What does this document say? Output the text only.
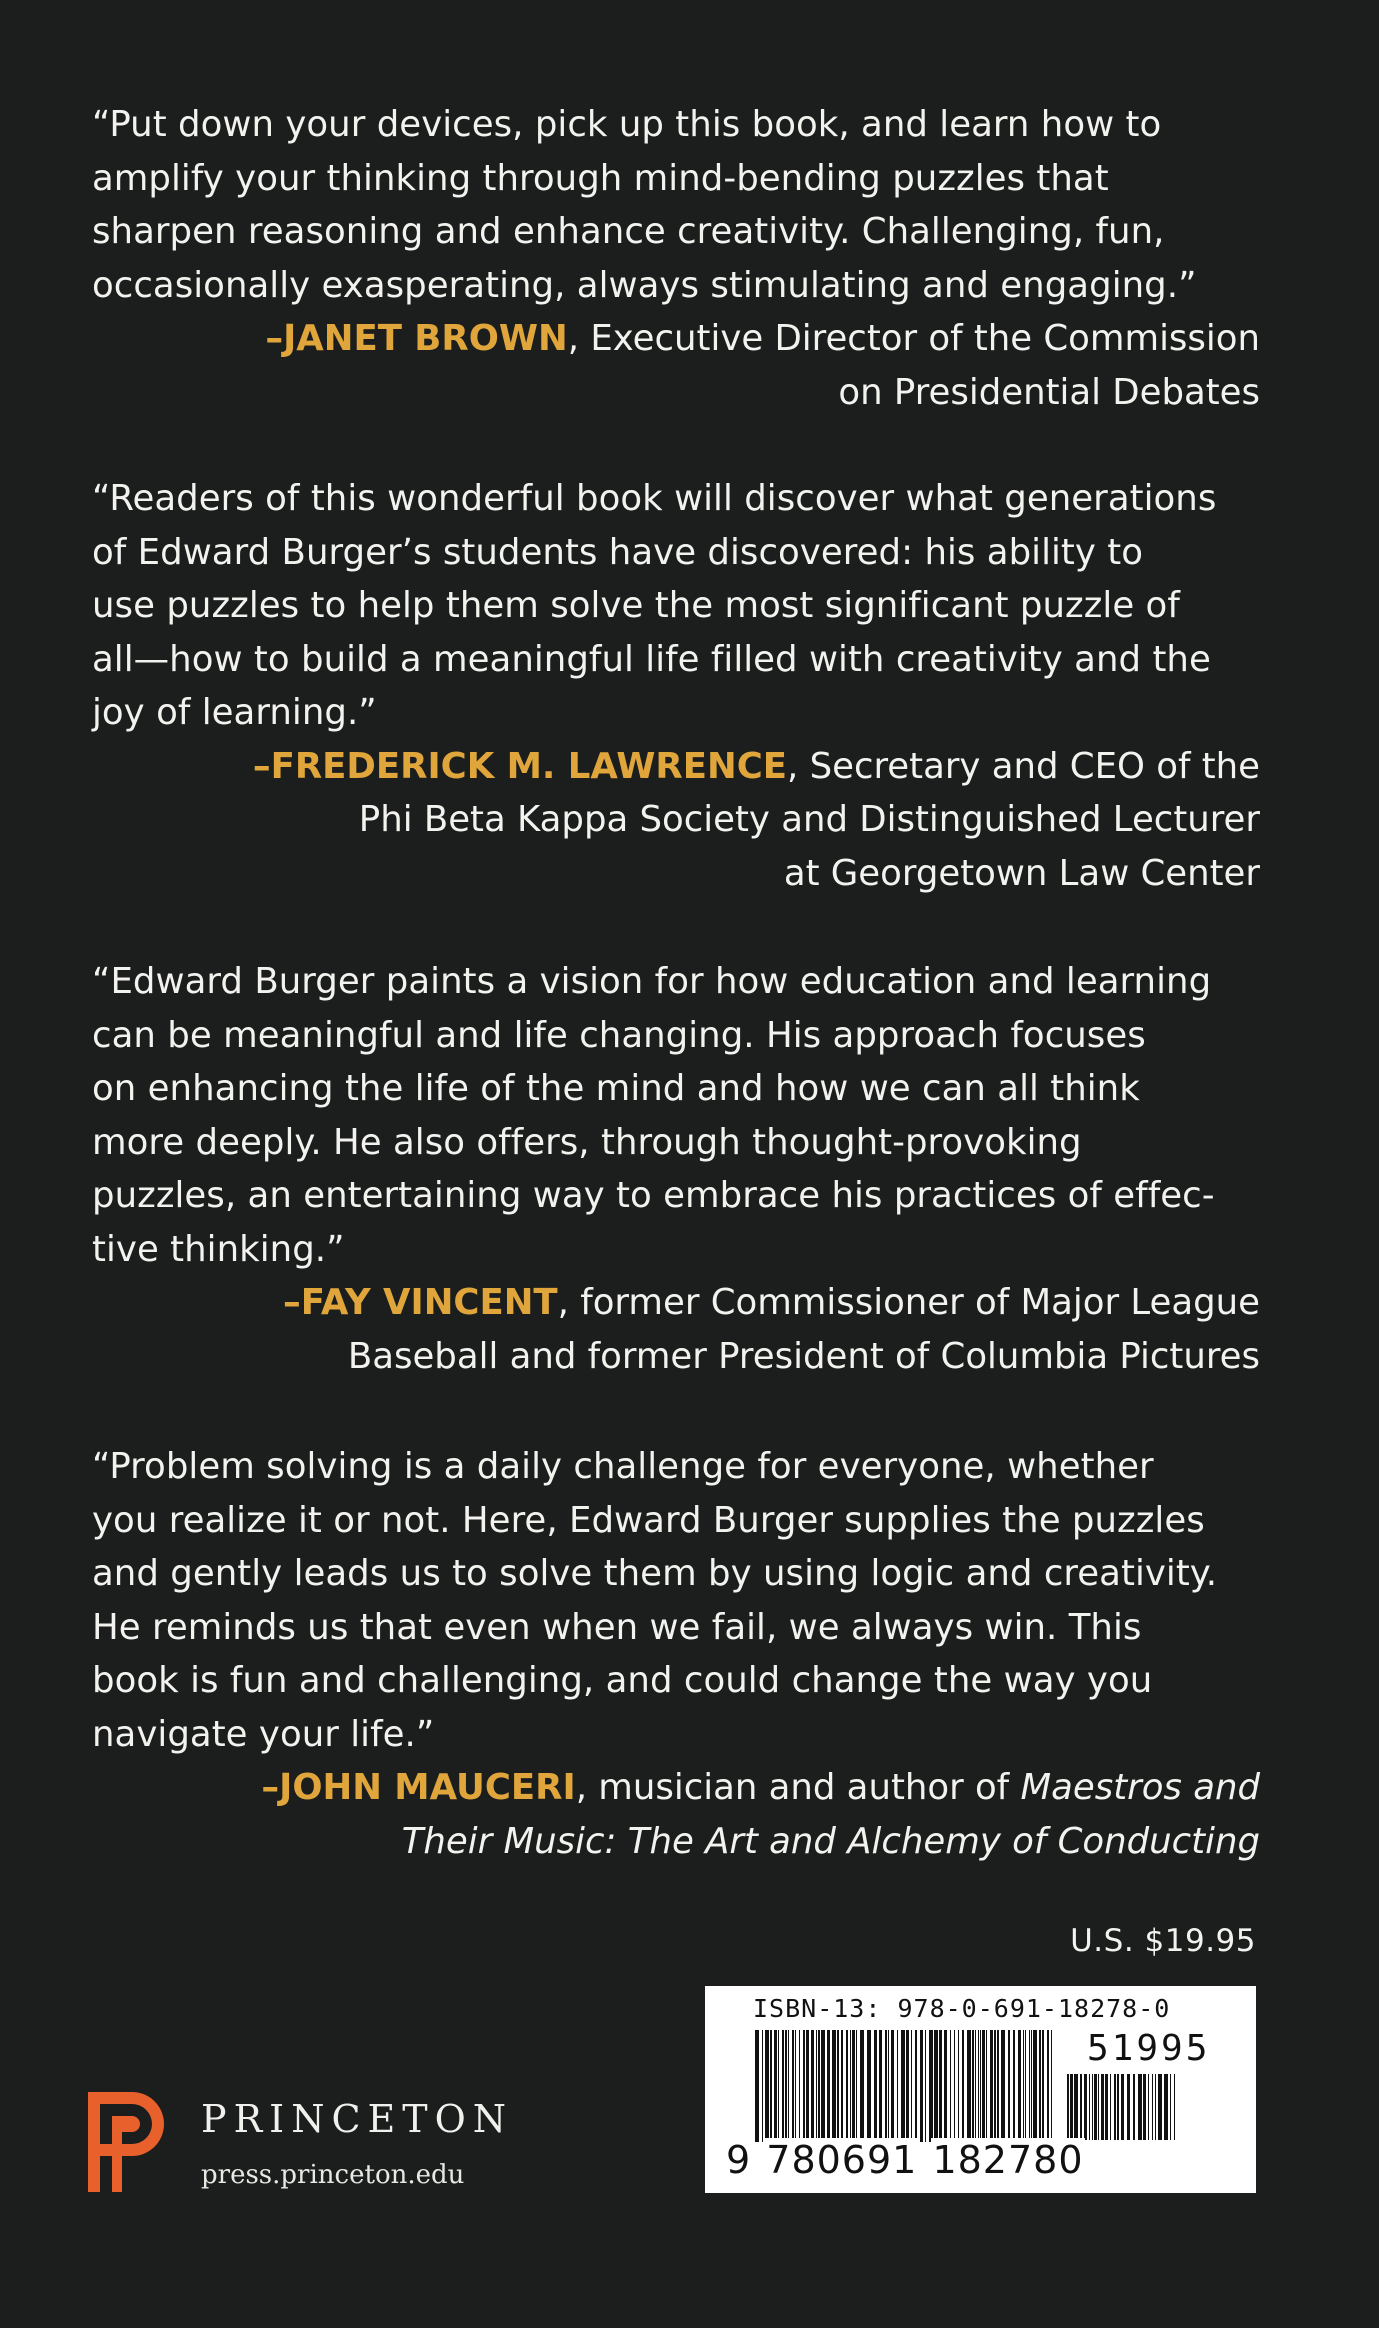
“Put down your devices, pick up this book, and learn how to
amplify your thinking through mind-bending puzzles that
sharpen reasoning and enhance creativity. Challenging, fun,
occasionally exasperating, always stimulating and engaging.”

–JANET BROWN, Executive Director of the Commission
on Presidential Debates

“Readers of this wonderful book will discover what generations
of Edward Burger’s students have discovered: his ability to
use puzzles to help them solve the most significant puzzle of
all—how to build a meaningful life filled with creativity and the
joy of learning.”

–FREDERICK M. LAWRENCE, Secretary and CEO of the
Phi Beta Kappa Society and Distinguished Lecturer
at Georgetown Law Center

“Edward Burger paints a vision for how education and learning
can be meaningful and life changing. His approach focuses
on enhancing the life of the mind and how we can all think
more deeply. He also offers, through thought-provoking
puzzles, an entertaining way to embrace his practices of effec-
tive thinking.”

–FAY VINCENT, former Commissioner of Major League
Baseball and former President of Columbia Pictures

“Problem solving is a daily challenge for everyone, whether
you realize it or not. Here, Edward Burger supplies the puzzles
and gently leads us to solve them by using logic and creativity.
He reminds us that even when we fail, we always win. This
book is fun and challenging, and could change the way you
navigate your life.”

–JOHN MAUCERI, musician and author of Maestros and
Their Music: The Art and Alchemy of Conducting

U.S. $19.95
ISBN-13: 978-0-691-18278-0
51995
9 780691 182780
PRINCETON
press.princeton.edu
